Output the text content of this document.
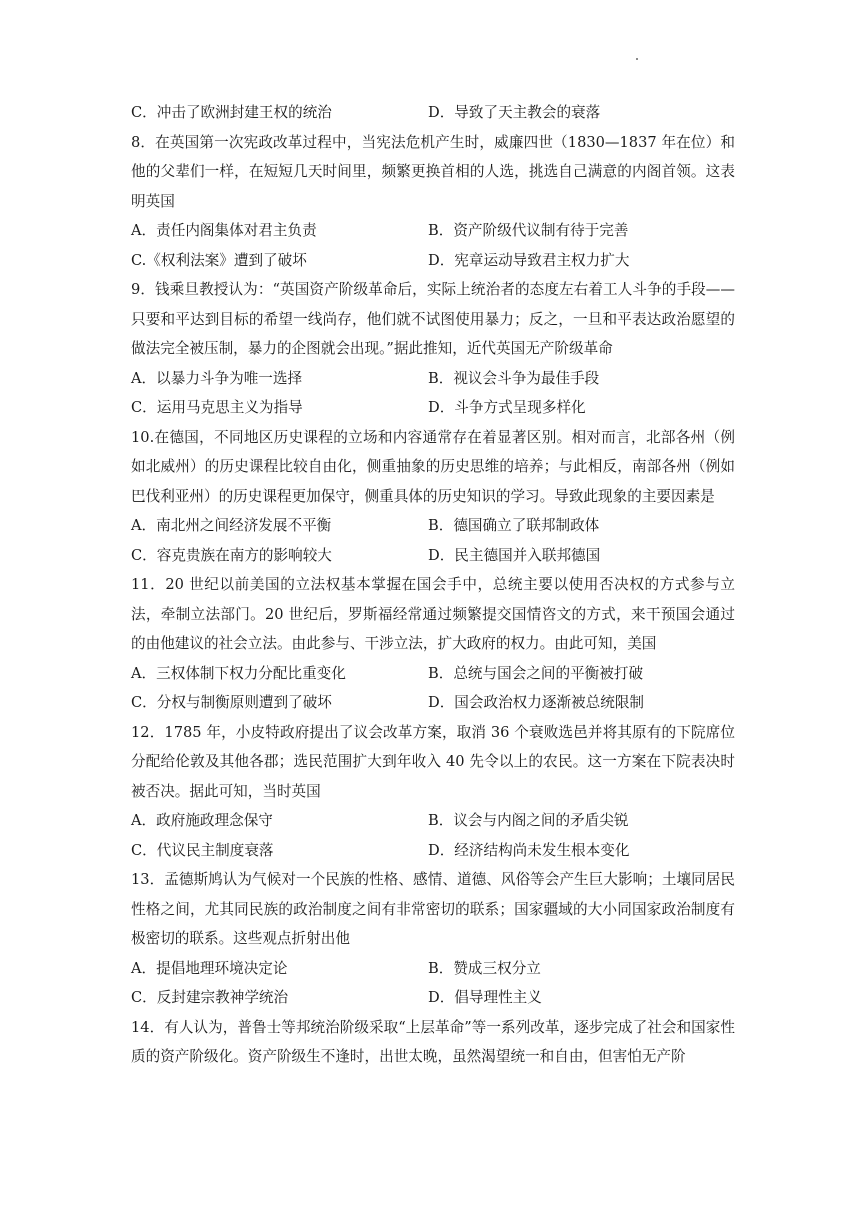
C．冲击了欧洲封建王权的统治	D．导致了天主教会的衰落

8．在英国第一次宪政改革过程中，当宪法危机产生时，威廉四世（1830—1837 年在位）和他的父辈们一样，在短短几天时间里，频繁更换首相的人选，挑选自己满意的内阁首领。这表明英国

A．责任内阁集体对君主负责	B．资产阶级代议制有待于完善
C.《权利法案》遭到了破坏	D．宪章运动导致君主权力扩大

9．钱乘旦教授认为：“英国资产阶级革命后，实际上统治者的态度左右着工人斗争的手段——只要和平达到目标的希望一线尚存，他们就不试图使用暴力；反之，一旦和平表达政治愿望的做法完全被压制，暴力的企图就会出现。”据此推知，近代英国无产阶级革命

A．以暴力斗争为唯一选择	B．视议会斗争为最佳手段
C．运用马克思主义为指导	D．斗争方式呈现多样化

10.在德国，不同地区历史课程的立场和内容通常存在着显著区别。相对而言，北部各州（例如北威州）的历史课程比较自由化，侧重抽象的历史思维的培养；与此相反，南部各州（例如巴伐利亚州）的历史课程更加保守，侧重具体的历史知识的学习。导致此现象的主要因素是

A．南北州之间经济发展不平衡	B．德国确立了联邦制政体
C．容克贵族在南方的影响较大	D．民主德国并入联邦德国

11．20 世纪以前美国的立法权基本掌握在国会手中，总统主要以使用否决权的方式参与立法，牵制立法部门。20 世纪后，罗斯福经常通过频繁提交国情咨文的方式，来干预国会通过的由他建议的社会立法。由此参与、干涉立法，扩大政府的权力。由此可知，美国

A．三权体制下权力分配比重变化	B．总统与国会之间的平衡被打破
C．分权与制衡原则遭到了破坏	D．国会政治权力逐渐被总统限制

12．1785 年，小皮特政府提出了议会改革方案，取消 36 个衰败选邑并将其原有的下院席位分配给伦敦及其他各郡；选民范围扩大到年收入 40 先令以上的农民。这一方案在下院表决时被否决。据此可知，当时英国

A．政府施政理念保守	B．议会与内阁之间的矛盾尖锐
C．代议民主制度衰落	D．经济结构尚未发生根本变化

13．孟德斯鸠认为气候对一个民族的性格、感情、道德、风俗等会产生巨大影响；土壤同居民性格之间，尤其同民族的政治制度之间有非常密切的联系；国家疆域的大小同国家政治制度有极密切的联系。这些观点折射出他

A．提倡地理环境决定论	B．赞成三权分立
C．反封建宗教神学统治	D．倡导理性主义

14．有人认为，普鲁士等邦统治阶级采取“上层革命”等一系列改革，逐步完成了社会和国家性质的资产阶级化。资产阶级生不逢时，出世太晚，虽然渴望统一和自由，但害怕无产阶
